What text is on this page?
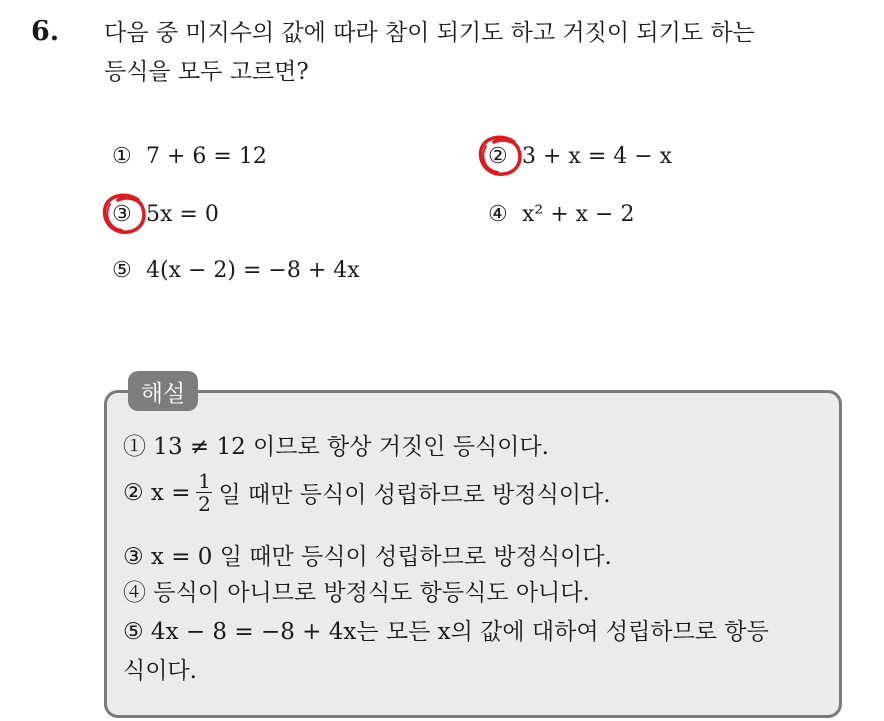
6. 다음 중 미지수의 값에 따라 참이 되기도 하고 거짓이 되기도 하는
등식을 모두 고르면?
① 7 + 6 = 12	② 3 + x = 4 − x
③ 5x = 0	④ x² + x − 2
⑤ 4(x − 2) = −8 + 4x
해설
① 13 ≠ 12 이므로 항상 거짓인 등식이다.
② $x = \frac{1}{2}$ 일 때만 등식이 성립하므로 방정식이다.
③ x = 0 일 때만 등식이 성립하므로 방정식이다.
④ 등식이 아니므로 방정식도 항등식도 아니다.
⑤ 4x − 8 = −8 + 4x는 모든 x의 값에 대하여 성립하므로 항등
식이다.
